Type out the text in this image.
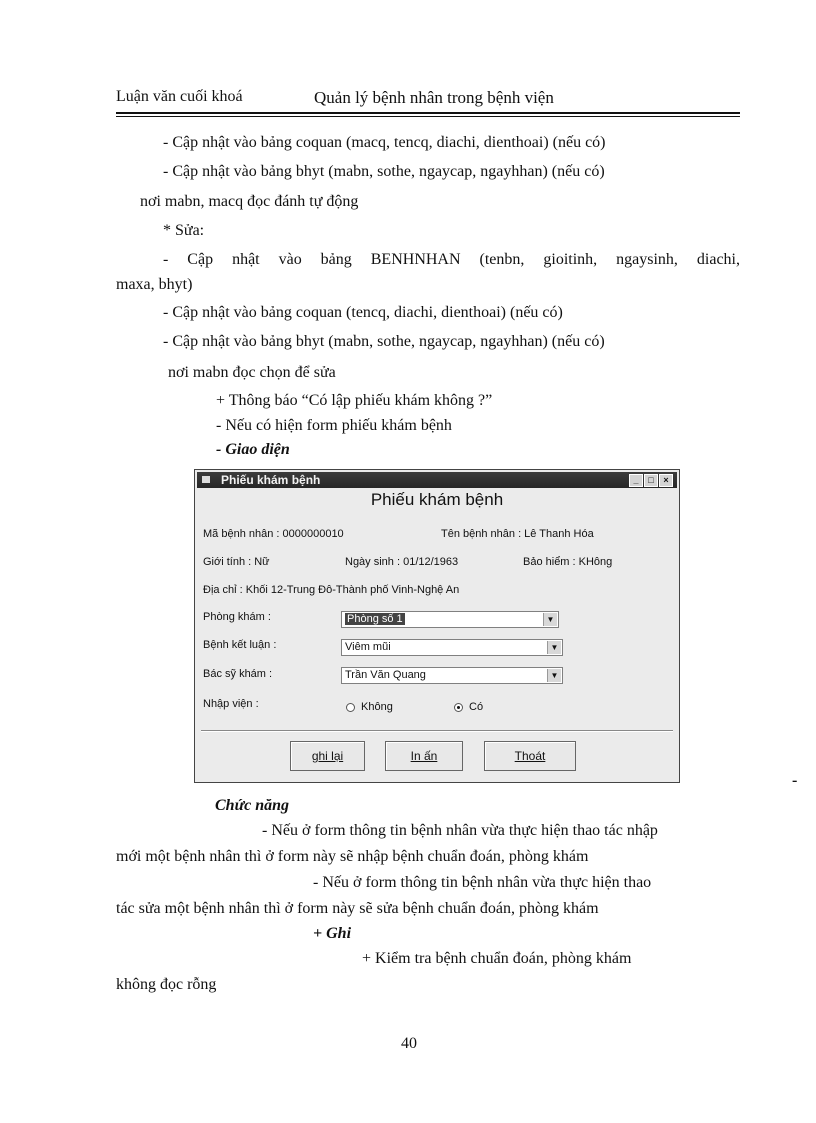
Luận văn cuối khoá	Quản lý bệnh nhân trong bệnh viện
- Cập nhật vào bảng coquan (macq, tencq, diachi, dienthoai) (nếu có)
- Cập nhật vào bảng bhyt (mabn, sothe, ngaycap, ngayhhan) (nếu có)
nơi mabn, macq đọc đánh tự động
* Sửa:
- Cập nhật vào bảng BENHNHAN (tenbn, gioitinh, ngaysinh, diachi,
maxa, bhyt)
- Cập nhật vào bảng coquan (tencq, diachi, dienthoai) (nếu có)
- Cập nhật vào bảng bhyt (mabn, sothe, ngaycap, ngayhhan) (nếu có)
nơi mabn đọc chọn để sửa
+ Thông báo “Có lập phiếu khám không ?”
- Nếu có hiện form phiếu khám bệnh
- Giao diện
Phiếu khám bệnh	_	□	×
Phiếu khám bệnh
Mã bệnh nhân : 0000000010	Tên bệnh nhân : Lê Thanh Hóa
Giới tính : Nữ	Ngày sinh : 01/12/1963	Bảo hiểm : KHông
Địa chỉ : Khối 12-Trung Đô-Thành phố Vinh-Nghệ An
Phòng khám :	Phòng số 1	▼
Bệnh kết luận :	Viêm mũi	▼
Bác sỹ khám :	Trần Văn Quang	▼
Nhập viện :	Không	Có
ghi lại	In ấn	Thoát
-
Chức năng
- Nếu ở form thông tin bệnh nhân vừa thực hiện thao tác nhập
mới một bệnh nhân thì ở form này sẽ nhập bệnh chuẩn đoán, phòng khám
- Nếu ở form thông tin bệnh nhân vừa thực hiện thao
tác sửa một bệnh nhân thì ở form này sẽ sửa bệnh chuẩn đoán, phòng khám
+ Ghi
+ Kiểm tra bệnh chuẩn đoán, phòng khám
không đọc rỗng
40
